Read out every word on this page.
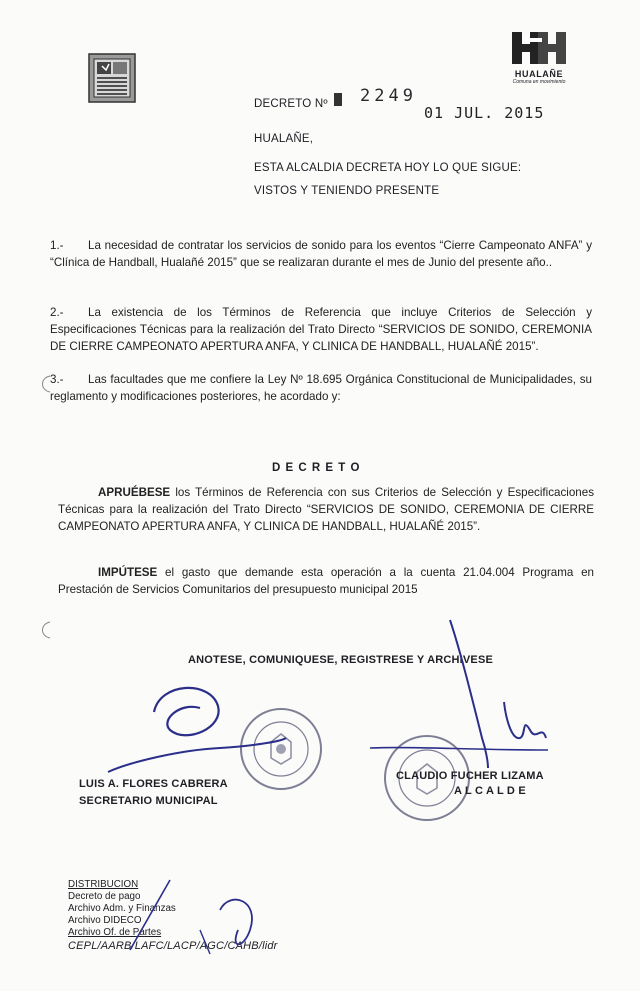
HUALAÑE
Comuna en movimiento
DECRETO Nº 2249
01 JUL. 2015
HUALAÑE,
ESTA ALCALDIA DECRETA HOY LO QUE SIGUE:
VISTOS Y TENIENDO PRESENTE
1.- La necesidad de contratar los servicios de sonido para los eventos “Cierre Campeonato ANFA” y “Clínica de Handball, Hualañé 2015” que se realizaran durante el mes de Junio del presente año..
2.- La existencia de los Términos de Referencia que incluye Criterios de Selección y Especificaciones Técnicas para la realización del Trato Directo “SERVICIOS DE SONIDO, CEREMONIA DE CIERRE CAMPEONATO APERTURA ANFA, Y CLINICA DE HANDBALL, HUALAÑÉ 2015”.
3.- Las facultades que me confiere la Ley Nº 18.695 Orgánica Constitucional de Municipalidades, su reglamento y modificaciones posteriores, he acordado y:
D E C R E T O
APRUÉBESE los Términos de Referencia con sus Criterios de Selección y Especificaciones Técnicas para la realización del Trato Directo “SERVICIOS DE SONIDO, CEREMONIA DE CIERRE CAMPEONATO APERTURA ANFA, Y CLINICA DE HANDBALL, HUALAÑÉ 2015”.
IMPÚTESE el gasto que demande esta operación a la cuenta 21.04.004 Programa en Prestación de Servicios Comunitarios del presupuesto municipal 2015
ANOTESE, COMUNIQUESE, REGISTRESE Y ARCHIVESE
LUIS A. FLORES CABRERA
SECRETARIO MUNICIPAL
CLAUDIO FUCHER LIZAMA
A L C A L D E
DISTRIBUCION
Decreto de pago
Archivo Adm. y Finanzas
Archivo DIDECO
Archivo Of. de Partes
CEPL/AARB/LAFC/LACP/AGC/CAHB/lidr
